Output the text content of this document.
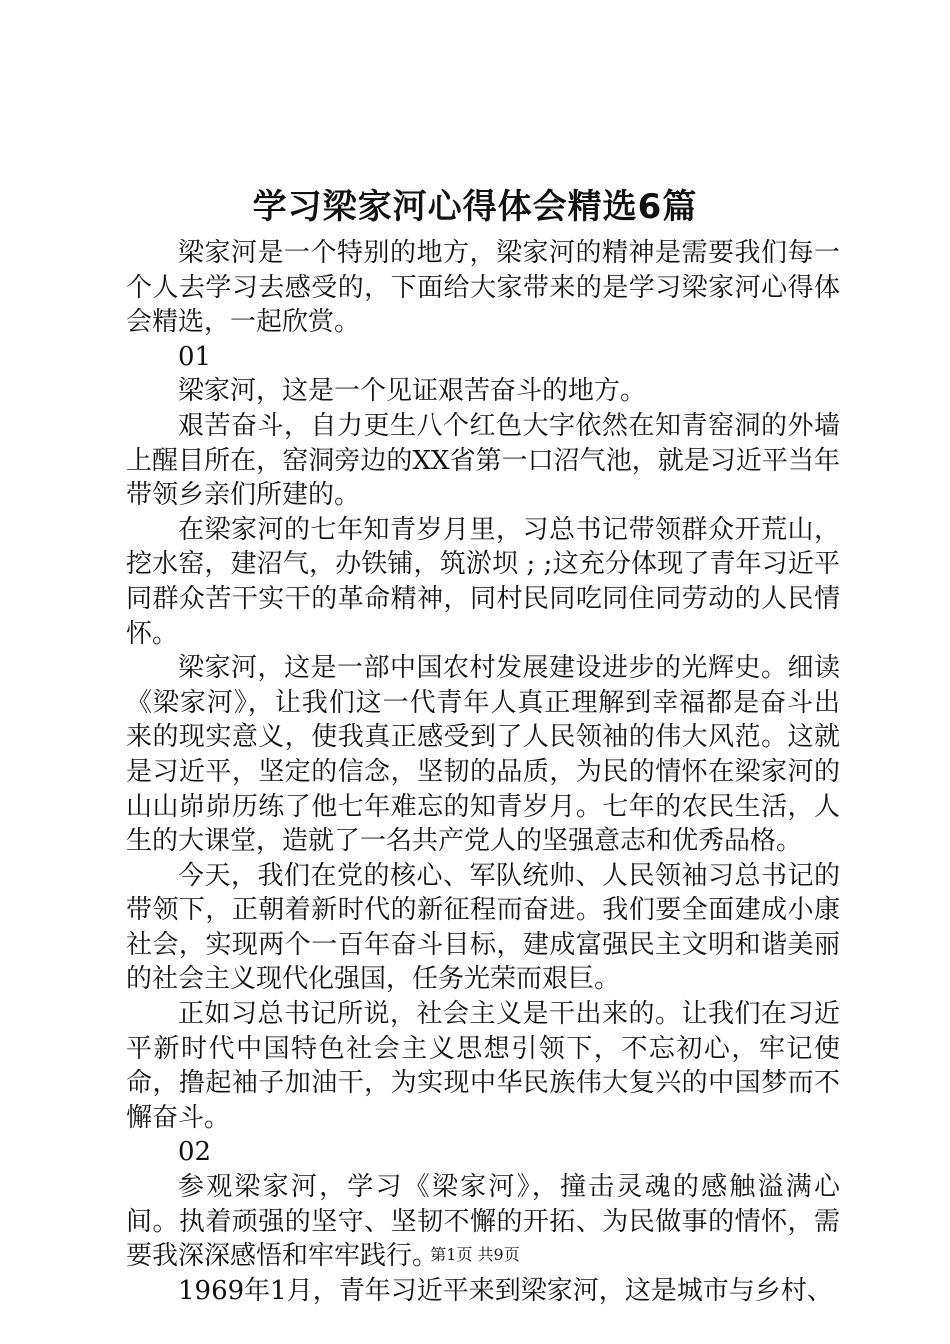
学习梁家河心得体会精选6篇

梁家河是一个特别的地方，梁家河的精神是需要我们每一个人去学习去感受的，下面给大家带来的是学习梁家河心得体会精选，一起欣赏。

01

梁家河，这是一个见证艰苦奋斗的地方。

艰苦奋斗，自力更生八个红色大字依然在知青窑洞的外墙上醒目所在，窑洞旁边的XX省第一口沼气池，就是习近平当年带领乡亲们所建的。

在梁家河的七年知青岁月里，习总书记带领群众开荒山，挖水窑，建沼气，办铁铺，筑淤坝 ; ;这充分体现了青年习近平同群众苦干实干的革命精神，同村民同吃同住同劳动的人民情怀。

梁家河，这是一部中国农村发展建设进步的光辉史。细读《梁家河》，让我们这一代青年人真正理解到幸福都是奋斗出来的现实意义，使我真正感受到了人民领袖的伟大风范。这就是习近平，坚定的信念，坚韧的品质，为民的情怀在梁家河的山山峁峁历练了他七年难忘的知青岁月。七年的农民生活，人生的大课堂，造就了一名共产党人的坚强意志和优秀品格。

今天，我们在党的核心、军队统帅、人民领袖习总书记的带领下，正朝着新时代的新征程而奋进。我们要全面建成小康社会，实现两个一百年奋斗目标，建成富强民主文明和谐美丽的社会主义现代化强国，任务光荣而艰巨。

正如习总书记所说，社会主义是干出来的。让我们在习近平新时代中国特色社会主义思想引领下，不忘初心，牢记使命，撸起袖子加油干，为实现中华民族伟大复兴的中国梦而不懈奋斗。

02

参观梁家河，学习《梁家河》，撞击灵魂的感触溢满心间。执着顽强的坚守、坚韧不懈的开拓、为民做事的情怀，需要我深深感悟和牢牢践行。

1969年1月，青年习近平来到梁家河，这是城市与乡村、

第1页 共9页
